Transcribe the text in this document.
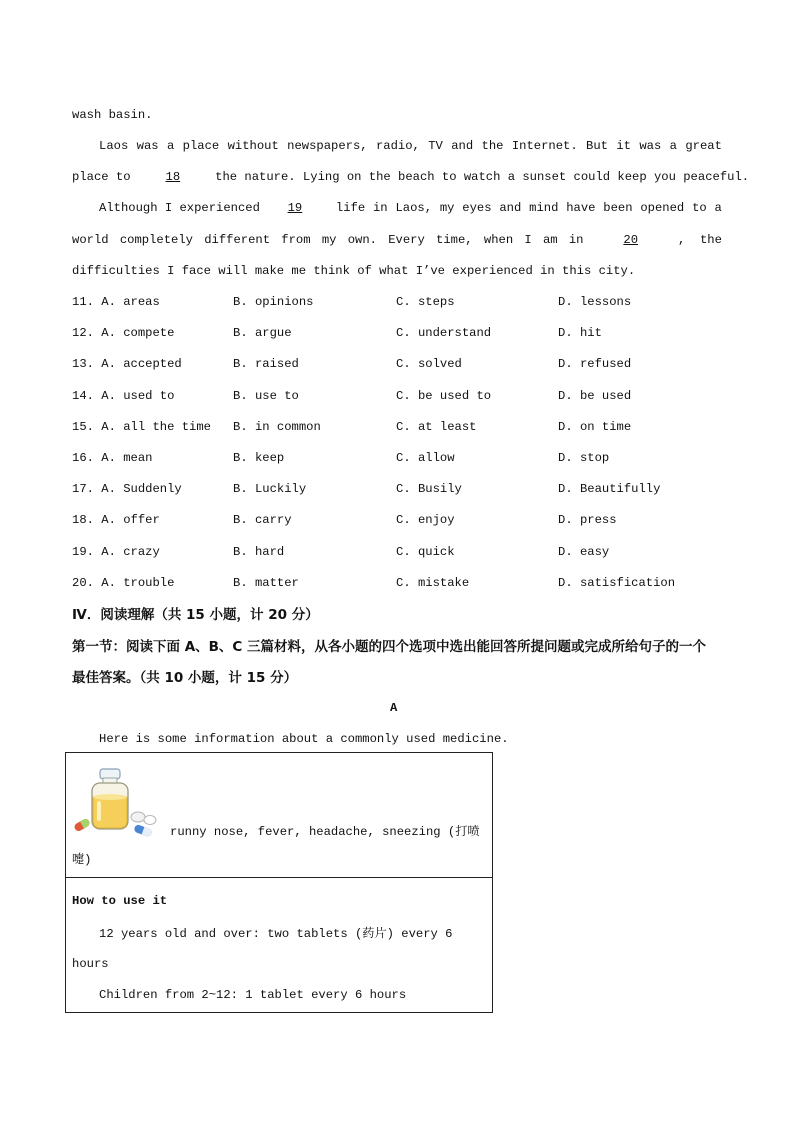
wash basin.
Laos was a place without newspapers, radio, TV and the Internet. But it was a great
place to	18	the nature. Lying on the beach to watch a sunset could keep you peaceful.
Although I experienced	19	life in Laos, my eyes and mind have been opened to a
world completely different from my own. Every time, when I am in	20	,  the
difficulties I face will make me think of what I’ve experienced in this city.
11. A. areas	B. opinions	C. steps	D. lessons
12. A. compete	B. argue	C. understand	D. hit
13. A. accepted	B. raised	C. solved	D. refused
14. A. used to	B. use to	C. be used to	D. be used
15. A. all the time B. in common	C. at least	D. on time
16. A. mean	B. keep	C. allow	D. stop
17. A. Suddenly	B. Luckily	C. Busily	D. Beautifully
18. A. offer	B. carry	C. enjoy	D. press
19. A. crazy	B. hard	C. quick	D. easy
20. A. trouble	B. matter	C. mistake	D. satisfication
Ⅳ．阅读理解（共 15 小题，计 20 分）
第一节：阅读下面 A、B、C 三篇材料，从各小题的四个选项中选出能回答所提问题或完成所给句子的一个
最佳答案。（共 10 小题，计 15 分）
A
Here is some information about a commonly used medicine.
runny nose, fever, headache, sneezing (打喷
嚏)
How to use it
12 years old and over: two tablets (药片) every 6
hours
Children from 2~12: 1 tablet every 6 hours
